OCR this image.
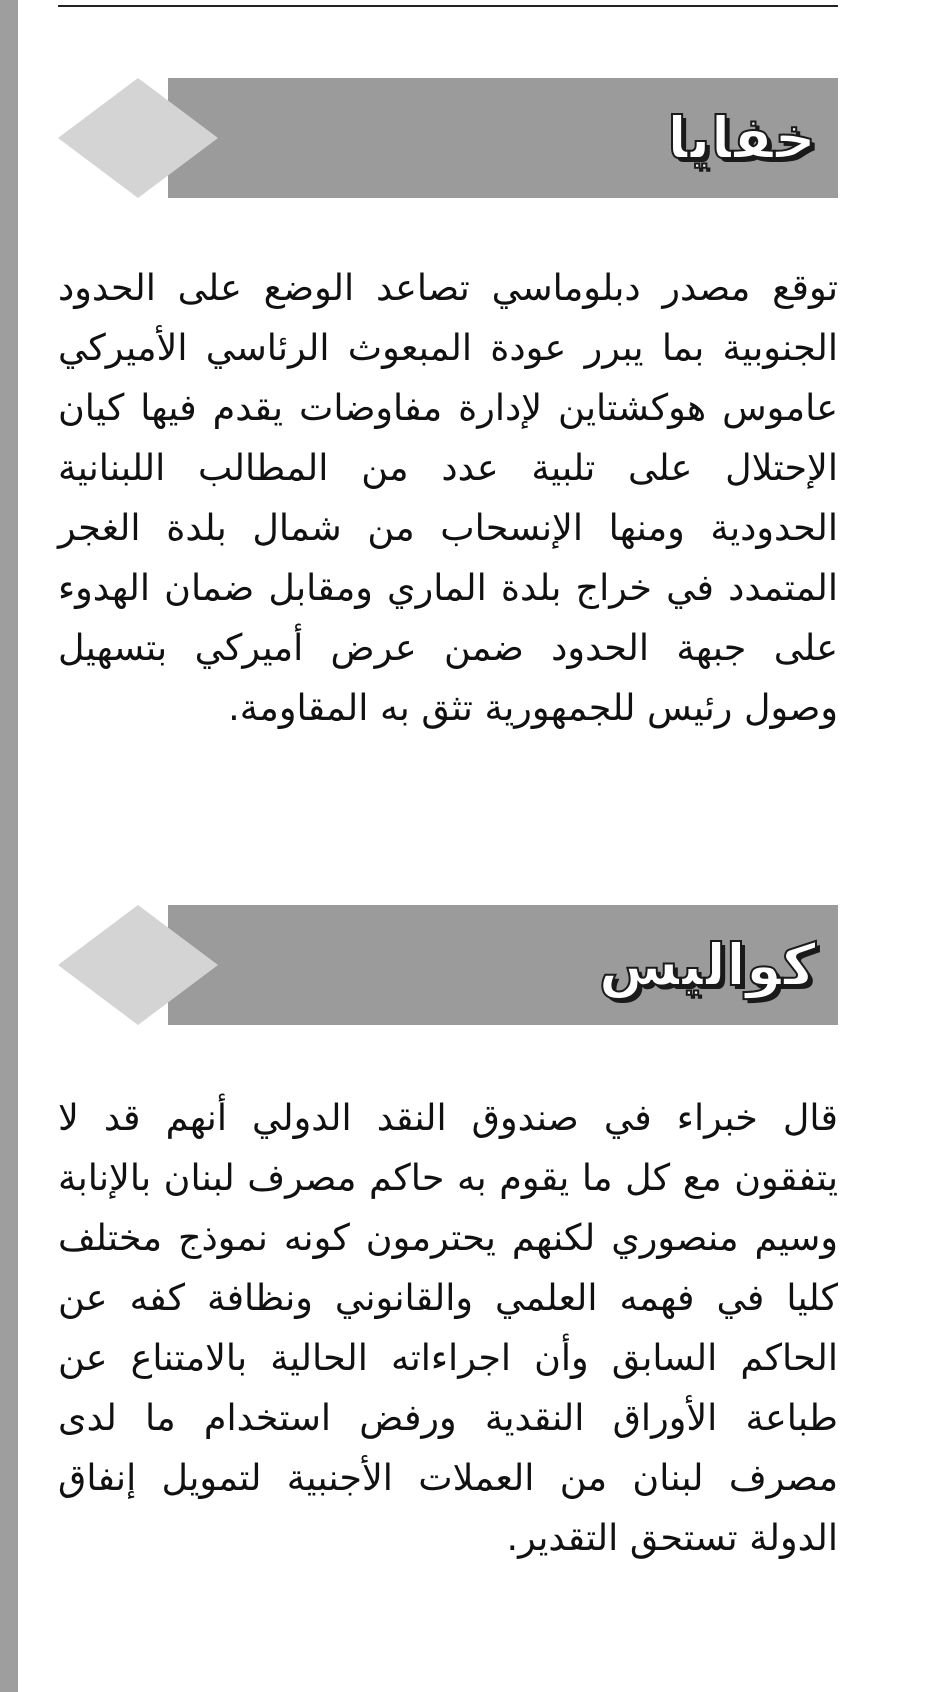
خفايا

توقع مصدر دبلوماسي تصاعد الوضع على الحدود الجنوبية بما يبرر عودة المبعوث الرئاسي الأميركي عاموس هوكشتاين لإدارة مفاوضات يقدم فيها كيان الإحتلال على تلبية عدد من المطالب اللبنانية الحدودية ومنها الإنسحاب من شمال بلدة الغجر المتمدد في خراج بلدة الماري ومقابل ضمان الهدوء على جبهة الحدود ضمن عرض أميركي بتسهيل وصول رئيس للجمهورية تثق به المقاومة.

كواليس

قال خبراء في صندوق النقد الدولي أنهم قد لا يتفقون مع كل ما يقوم به حاكم مصرف لبنان بالإنابة وسيم منصوري لكنهم يحترمون كونه نموذج مختلف كليا في فهمه العلمي والقانوني ونظافة كفه عن الحاكم السابق وأن اجراءاته الحالية بالامتناع عن طباعة الأوراق النقدية ورفض استخدام ما لدى مصرف لبنان من العملات الأجنبية لتمويل إنفاق الدولة تستحق التقدير.
